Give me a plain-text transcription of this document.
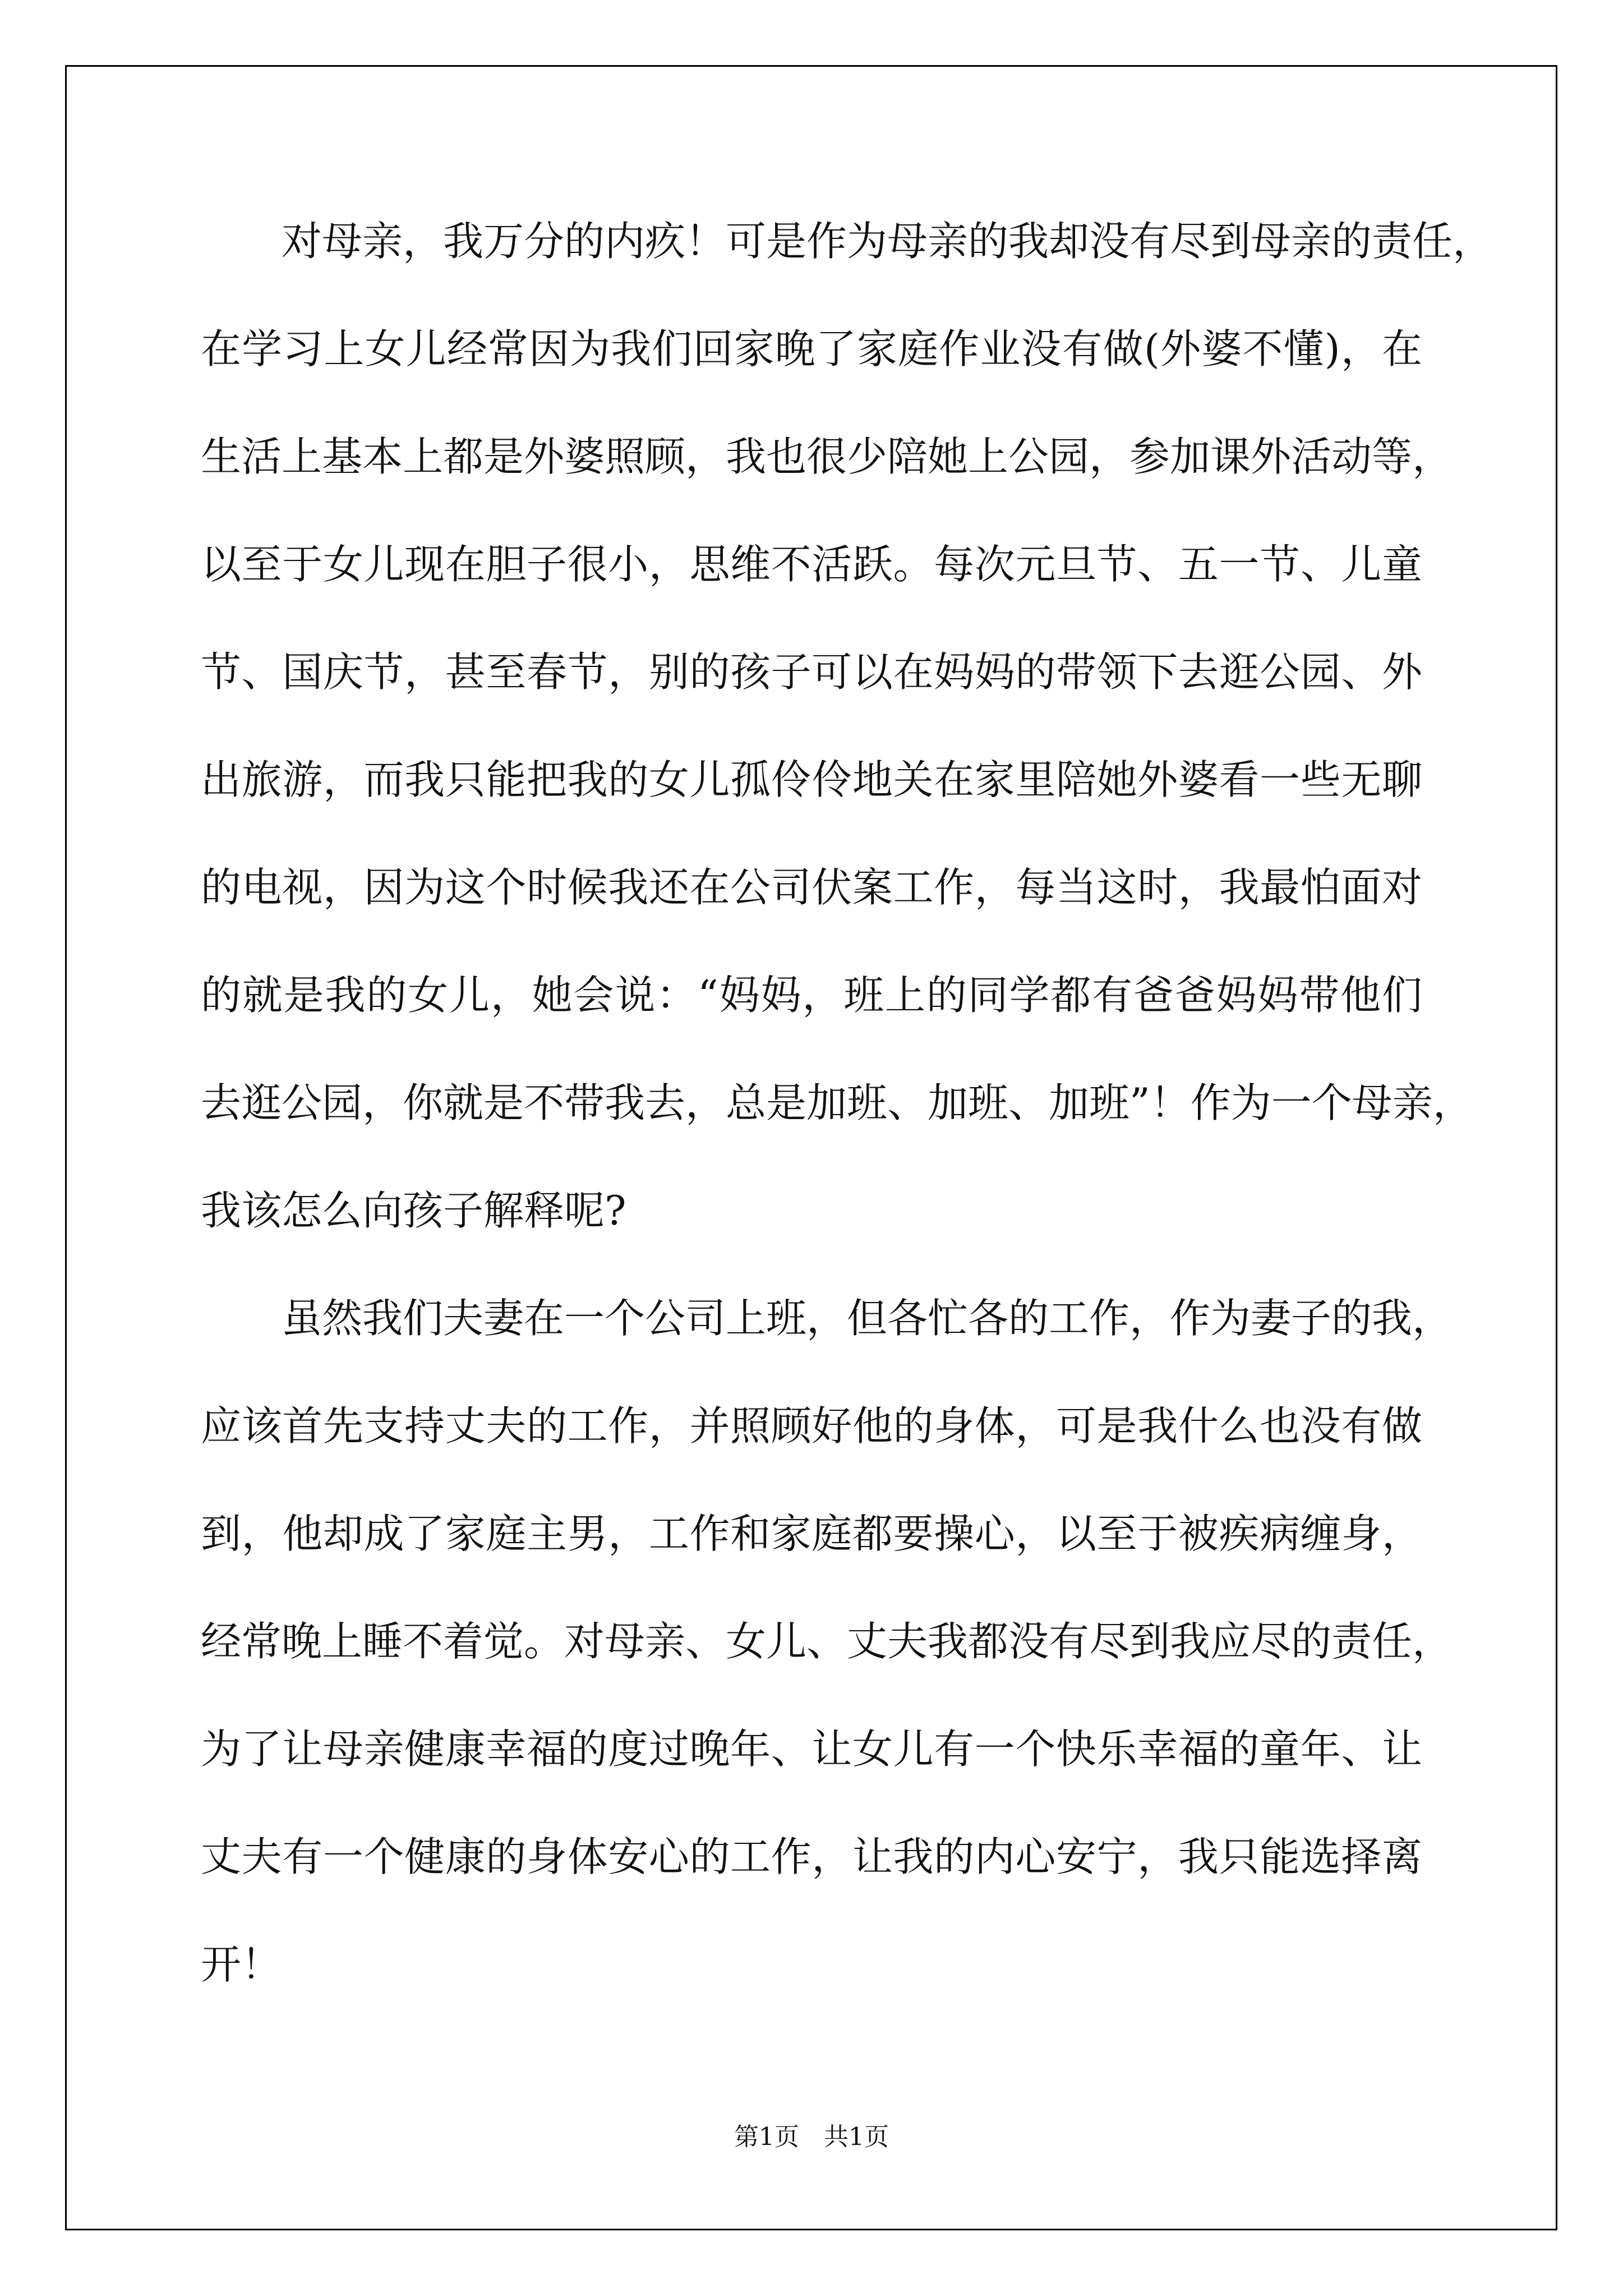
　　对母亲，我万分的内疚！可是作为母亲的我却没有尽到母亲的责任，
在学习上女儿经常因为我们回家晚了家庭作业没有做(外婆不懂)，在
生活上基本上都是外婆照顾，我也很少陪她上公园，参加课外活动等，
以至于女儿现在胆子很小，思维不活跃。每次元旦节、五一节、儿童
节、国庆节，甚至春节，别的孩子可以在妈妈的带领下去逛公园、外
出旅游，而我只能把我的女儿孤伶伶地关在家里陪她外婆看一些无聊
的电视，因为这个时候我还在公司伏案工作，每当这时，我最怕面对
的就是我的女儿，她会说：“妈妈，班上的同学都有爸爸妈妈带他们
去逛公园，你就是不带我去，总是加班、加班、加班”！作为一个母亲，
我该怎么向孩子解释呢?
　　虽然我们夫妻在一个公司上班，但各忙各的工作，作为妻子的我，
应该首先支持丈夫的工作，并照顾好他的身体，可是我什么也没有做
到，他却成了家庭主男，工作和家庭都要操心，以至于被疾病缠身，
经常晚上睡不着觉。对母亲、女儿、丈夫我都没有尽到我应尽的责任，
为了让母亲健康幸福的度过晚年、让女儿有一个快乐幸福的童年、让
丈夫有一个健康的身体安心的工作，让我的内心安宁，我只能选择离
开！
第1页 共1页
